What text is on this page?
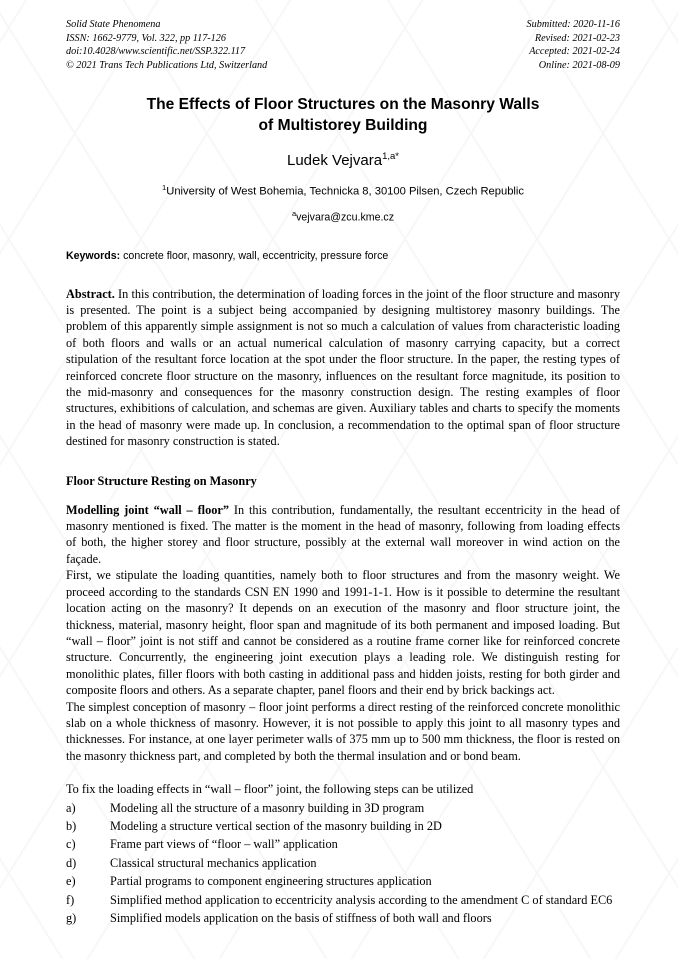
Solid State Phenomena
ISSN: 1662-9779, Vol. 322, pp 117-126
doi:10.4028/www.scientific.net/SSP.322.117
© 2021 Trans Tech Publications Ltd, Switzerland
Submitted: 2020-11-16
Revised: 2021-02-23
Accepted: 2021-02-24
Online: 2021-08-09
The Effects of Floor Structures on the Masonry Walls
of Multistorey Building
Ludek Vejvara$^{1,a*}$
$^1$University of West Bohemia, Technicka 8, 30100 Pilsen, Czech Republic
$^a$vejvara@zcu.kme.cz
Keywords: concrete floor, masonry, wall, eccentricity, pressure force
Abstract. In this contribution, the determination of loading forces in the joint of the floor structure and masonry is presented. The point is a subject being accompanied by designing multistorey masonry buildings. The problem of this apparently simple assignment is not so much a calculation of values from characteristic loading of both floors and walls or an actual numerical calculation of masonry carrying capacity, but a correct stipulation of the resultant force location at the spot under the floor structure. In the paper, the resting types of reinforced concrete floor structure on the masonry, influences on the resultant force magnitude, its position to the mid-masonry and consequences for the masonry construction design. The resting examples of floor structures, exhibitions of calculation, and schemas are given. Auxiliary tables and charts to specify the moments in the head of masonry were made up. In conclusion, a recommendation to the optimal span of floor structure destined for masonry construction is stated.
Floor Structure Resting on Masonry
Modelling joint “wall – floor” In this contribution, fundamentally, the resultant eccentricity in the head of masonry mentioned is fixed. The matter is the moment in the head of masonry, following from loading effects of both, the higher storey and floor structure, possibly at the external wall moreover in wind action on the façade.
First, we stipulate the loading quantities, namely both to floor structures and from the masonry weight. We proceed according to the standards CSN EN 1990 and 1991-1-1. How is it possible to determine the resultant location acting on the masonry? It depends on an execution of the masonry and floor structure joint, the thickness, material, masonry height, floor span and magnitude of its both permanent and imposed loading. But “wall – floor” joint is not stiff and cannot be considered as a routine frame corner like for reinforced concrete structure. Concurrently, the engineering joint execution plays a leading role. We distinguish resting for monolithic plates, filler floors with both casting in additional pass and hidden joists, resting for both girder and composite floors and others. As a separate chapter, panel floors and their end by brick backings act.
The simplest conception of masonry – floor joint performs a direct resting of the reinforced concrete monolithic slab on a whole thickness of masonry. However, it is not possible to apply this joint to all masonry types and thicknesses. For instance, at one layer perimeter walls of 375 mm up to 500 mm thickness, the floor is rested on the masonry thickness part, and completed by both the thermal insulation and or bond beam.
To fix the loading effects in “wall – floor” joint, the following steps can be utilized
a)	Modeling all the structure of a masonry building in 3D program
b)	Modeling a structure vertical section of the masonry building in 2D
c)	Frame part views of “floor – wall” application
d)	Classical structural mechanics application
e)	Partial programs to component engineering structures application
f)	Simplified method application to eccentricity analysis according to the amendment C of standard EC6
g)	Simplified models application on the basis of stiffness of both wall and floors
